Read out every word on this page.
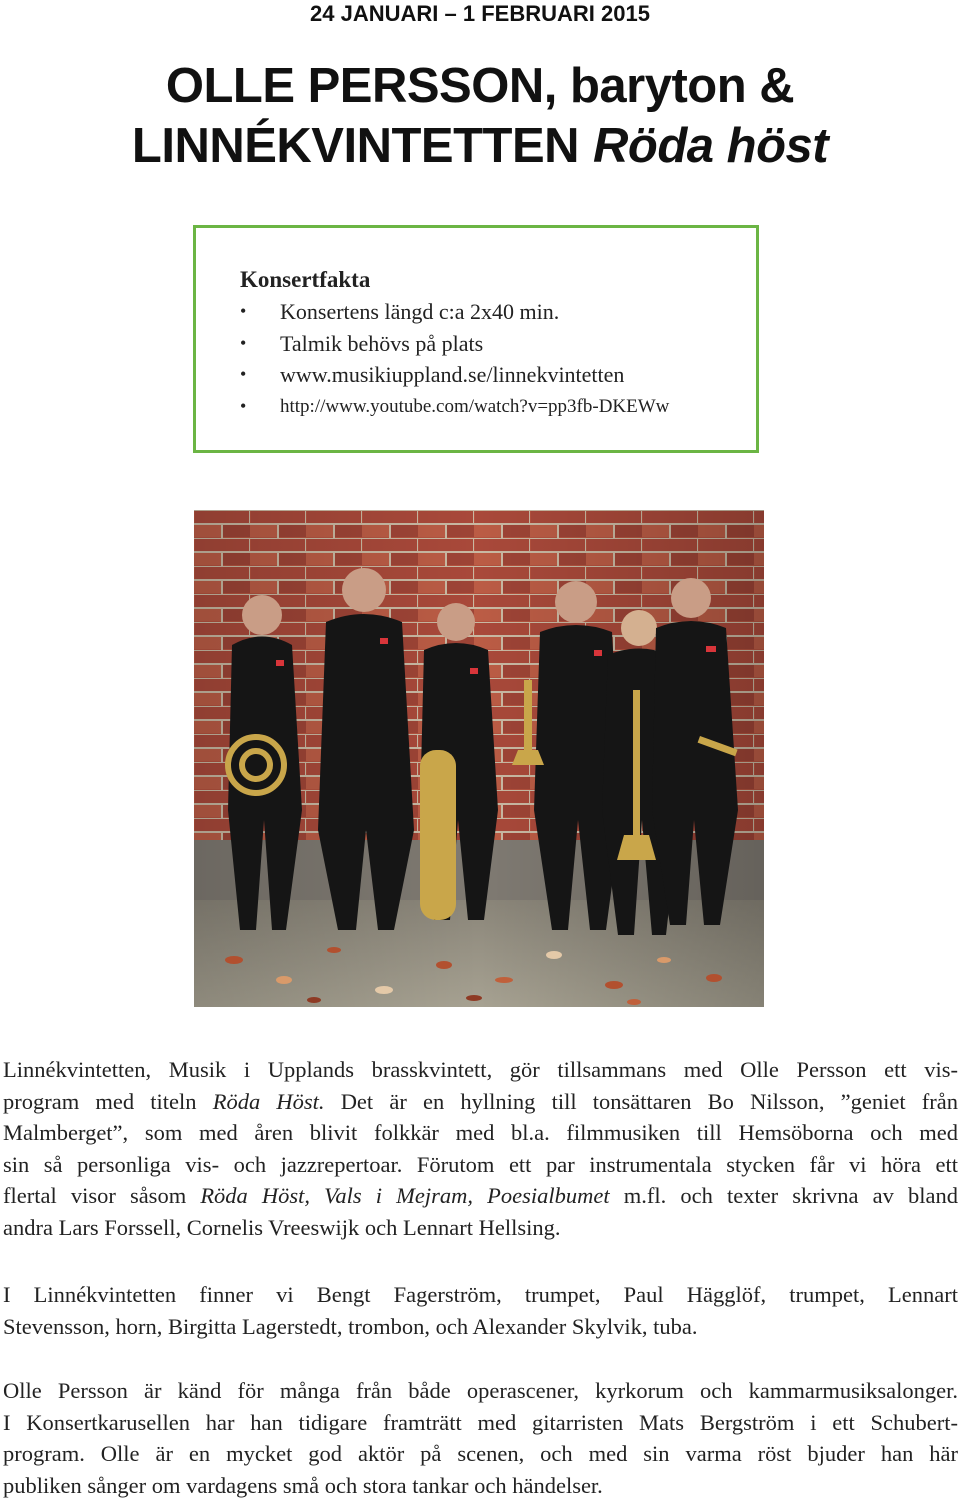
24 JANUARI – 1 FEBRUARI 2015
OLLE PERSSON, baryton &
LINNÉKVINTETTEN Röda höst
Konsertfakta
• Konsertens längd c:a 2x40 min.
• Talmik behövs på plats
• www.musikiuppland.se/linnekvintetten
• http://www.youtube.com/watch?v=pp3fb-DKEWw
Linnékvintetten, Musik i Upplands brasskvintett, gör tillsammans med Olle Persson ett vis-
program med titeln Röda Höst. Det är en hyllning till tonsättaren Bo Nilsson, ”geniet från
Malmberget”, som med åren blivit folkkär med bl.a. filmmusiken till Hemsöborna och med
sin så personliga vis- och jazzrepertoar. Förutom ett par instrumentala stycken får vi höra ett
flertal visor såsom Röda Höst, Vals i Mejram, Poesialbumet m.fl. och texter skrivna av bland
andra Lars Forssell, Cornelis Vreeswijk och Lennart Hellsing.
I Linnékvintetten finner vi Bengt Fagerström, trumpet, Paul Hägglöf, trumpet, Lennart
Stevensson, horn, Birgitta Lagerstedt, trombon, och Alexander Skylvik, tuba.
Olle Persson är känd för många från både operascener, kyrkorum och kammarmusiksalonger.
I Konsertkarusellen har han tidigare framträtt med gitarristen Mats Bergström i ett Schubert-
program. Olle är en mycket god aktör på scenen, och med sin varma röst bjuder han här
publiken sånger om vardagens små och stora tankar och händelser.
